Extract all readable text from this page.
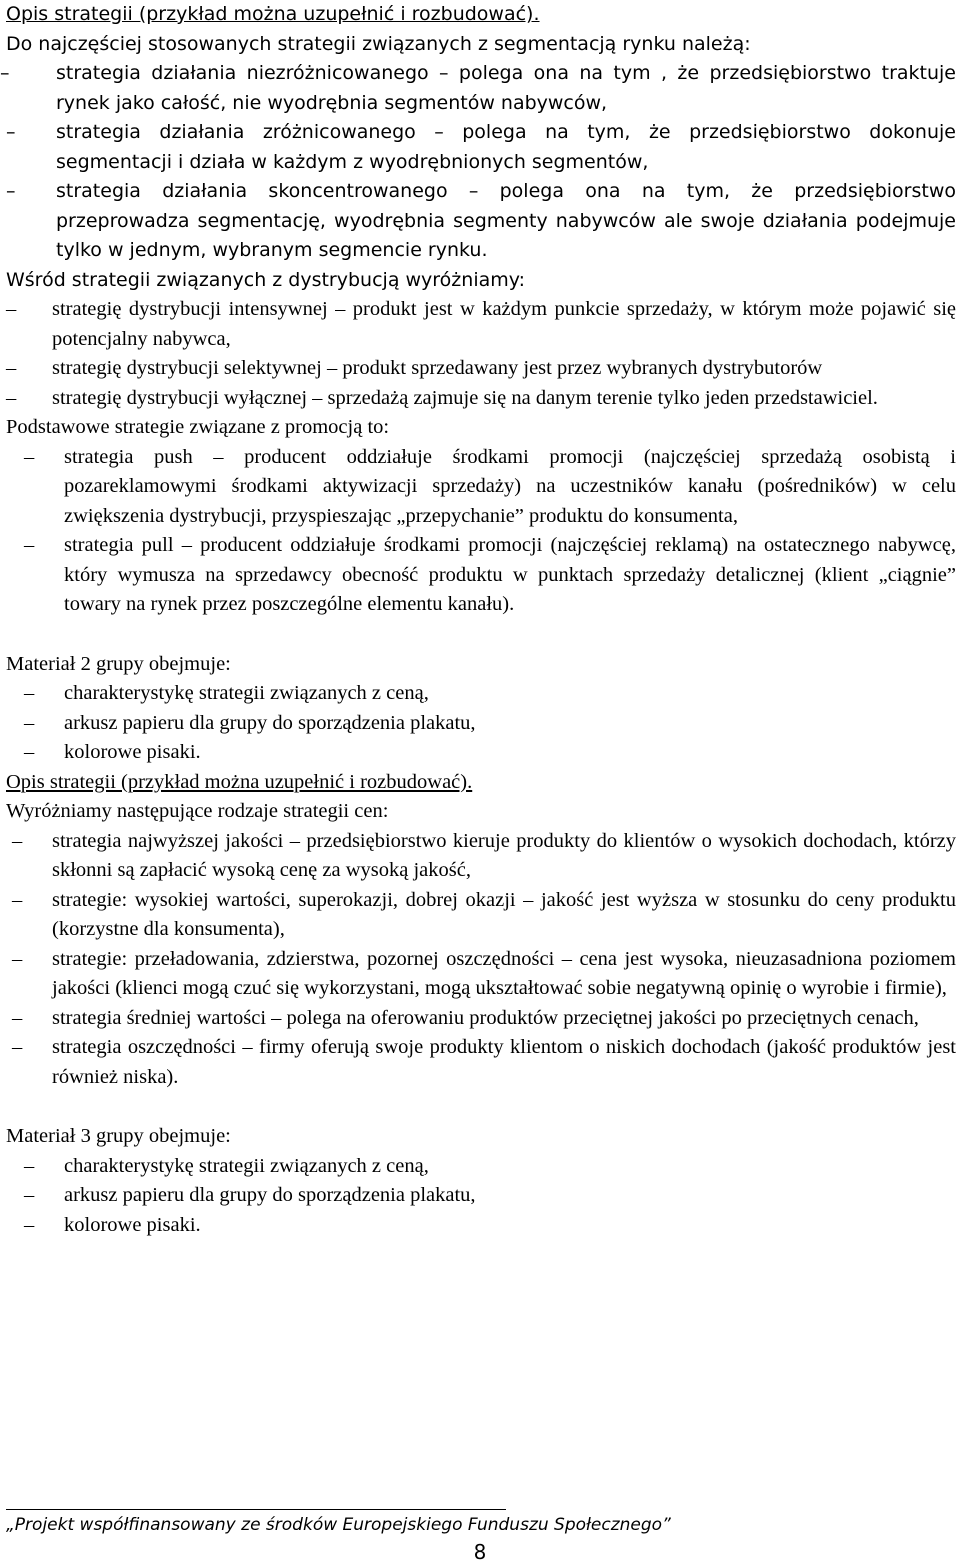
Opis strategii (przykład można uzupełnić i rozbudować).
Do najczęściej stosowanych strategii związanych z segmentacją rynku należą:
–	strategia działania niezróżnicowanego – polega ona na tym , że przedsiębiorstwo traktuje rynek jako całość, nie wyodrębnia segmentów nabywców,
–	strategia działania zróżnicowanego – polega na tym, że przedsiębiorstwo dokonuje segmentacji i działa w każdym z wyodrębnionych segmentów,
–	strategia działania skoncentrowanego – polega ona na tym, że przedsiębiorstwo przeprowadza segmentację, wyodrębnia segmenty nabywców ale swoje działania podejmuje tylko w jednym, wybranym segmencie rynku.
Wśród strategii związanych z dystrybucją wyróżniamy:
–	strategię dystrybucji intensywnej – produkt jest w każdym punkcie sprzedaży, w którym może pojawić się potencjalny nabywca,
–	strategię dystrybucji selektywnej – produkt sprzedawany jest przez wybranych dystrybutorów
–	strategię dystrybucji wyłącznej – sprzedażą zajmuje się na danym terenie tylko jeden przedstawiciel.
Podstawowe strategie związane z promocją to:
–	strategia push – producent oddziałuje środkami promocji (najczęściej sprzedażą osobistą i pozareklamowymi środkami aktywizacji sprzedaży) na uczestników kanału (pośredników) w celu zwiększenia dystrybucji, przyspieszając „przepychanie” produktu do konsumenta,
–	strategia pull – producent oddziałuje środkami promocji (najczęściej reklamą) na ostatecznego nabywcę, który wymusza na sprzedawcy obecność produktu w punktach sprzedaży detalicznej (klient „ciągnie” towary na rynek przez poszczególne elementu kanału).
Materiał 2 grupy obejmuje:
–	charakterystykę strategii związanych z ceną,
–	arkusz papieru dla grupy do sporządzenia plakatu,
–	kolorowe pisaki.
Opis strategii (przykład można uzupełnić i rozbudować).
Wyróżniamy następujące rodzaje strategii cen:
–	strategia najwyższej jakości – przedsiębiorstwo kieruje produkty do klientów o wysokich dochodach, którzy skłonni są zapłacić wysoką cenę za wysoką jakość,
–	strategie: wysokiej wartości, superokazji, dobrej okazji – jakość jest wyższa w stosunku do ceny produktu (korzystne dla konsumenta),
–	strategie: przeładowania, zdzierstwa, pozornej oszczędności – cena jest wysoka, nieuzasadniona poziomem jakości (klienci mogą czuć się wykorzystani, mogą ukształtować sobie negatywną opinię o wyrobie i firmie),
–	strategia średniej wartości – polega na oferowaniu produktów przeciętnej jakości po przeciętnych cenach,
–	strategia oszczędności – firmy oferują swoje produkty klientom o niskich dochodach (jakość produktów jest również niska).
Materiał 3 grupy obejmuje:
–	charakterystykę strategii związanych z ceną,
–	arkusz papieru dla grupy do sporządzenia plakatu,
–	kolorowe pisaki.
„Projekt współfinansowany ze środków Europejskiego Funduszu Społecznego”
8
